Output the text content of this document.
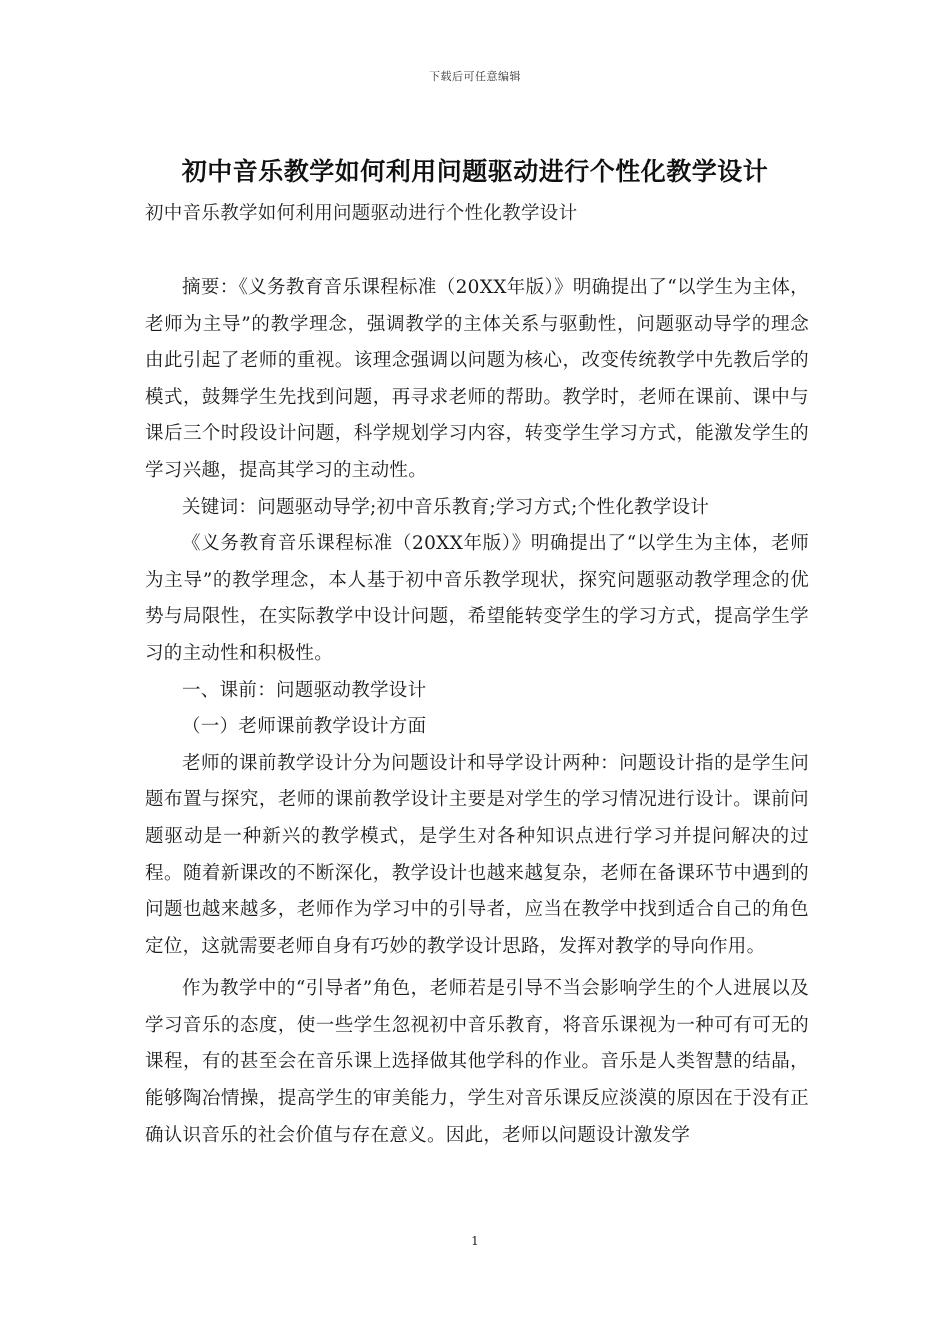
下载后可任意编辑
初中音乐教学如何利用问题驱动进行个性化教学设计
初中音乐教学如何利用问题驱动进行个性化教学设计

摘要：《义务教育音乐课程标准（20XX年版）》明确提出了“以学生为主体，老师为主导”的教学理念，强调教学的主体关系与驱動性，问题驱动导学的理念由此引起了老师的重视。该理念强调以问题为核心，改变传统教学中先教后学的模式，鼓舞学生先找到问题，再寻求老师的帮助。教学时，老师在课前、课中与课后三个时段设计问题，科学规划学习内容，转变学生学习方式，能激发学生的学习兴趣，提高其学习的主动性。

关键词：问题驱动导学;初中音乐教育;学习方式;个性化教学设计

《义务教育音乐课程标准（20XX年版）》明确提出了“以学生为主体，老师为主导”的教学理念，本人基于初中音乐教学现状，探究问题驱动教学理念的优势与局限性，在实际教学中设计问题，希望能转变学生的学习方式，提高学生学习的主动性和积极性。

一、课前：问题驱动教学设计

（一）老师课前教学设计方面

老师的课前教学设计分为问题设计和导学设计两种：问题设计指的是学生问题布置与探究，老师的课前教学设计主要是对学生的学习情况进行设计。课前问题驱动是一种新兴的教学模式，是学生对各种知识点进行学习并提问解决的过程。随着新课改的不断深化，教学设计也越来越复杂，老师在备课环节中遇到的问题也越来越多，老师作为学习中的引导者，应当在教学中找到适合自己的角色定位，这就需要老师自身有巧妙的教学设计思路，发挥对教学的导向作用。

作为教学中的“引导者”角色，老师若是引导不当会影响学生的个人进展以及学习音乐的态度，使一些学生忽视初中音乐教育，将音乐课视为一种可有可无的课程，有的甚至会在音乐课上选择做其他学科的作业。音乐是人类智慧的结晶，能够陶冶情操，提高学生的审美能力，学生对音乐课反应淡漠的原因在于没有正确认识音乐的社会价值与存在意义。因此，老师以问题设计激发学

1
